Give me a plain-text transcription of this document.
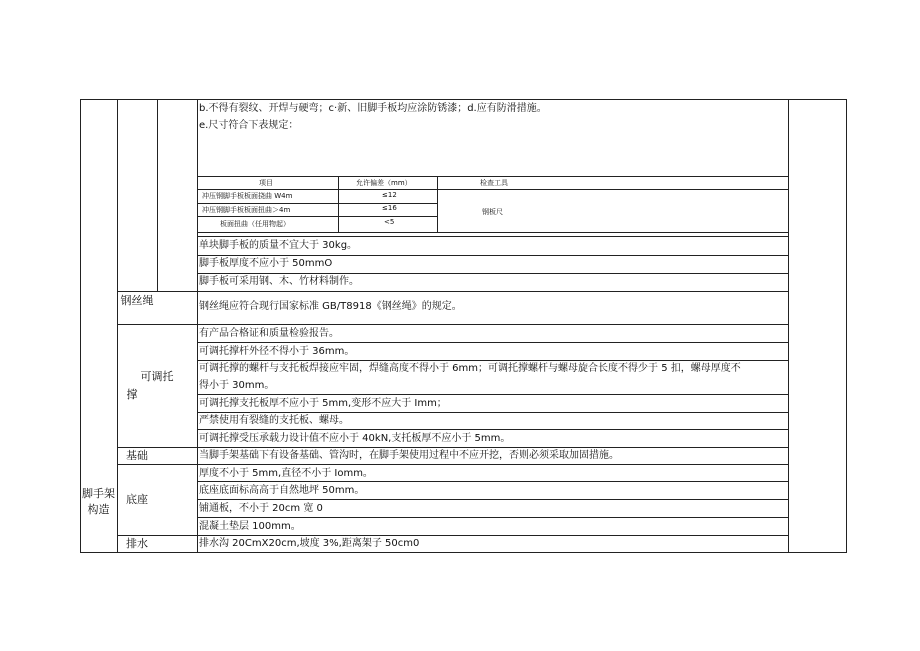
b.不得有裂纹、开焊与硬弯；c·新、旧脚手板均应涂防锈漆；d.应有防滑措施。
e.尺寸符合下表规定：
项目	允许偏差（mm）	检查工具
冲压钢脚手板板面挠曲 W4m	≤12
冲压钢脚手板板面扭曲＞4m	≤16
板面扭曲（任用物起）	<5
钢板尺
单块脚手板的质量不宜大于 30kg。
脚手板厚度不应小于 50mmO
脚手板可采用钢、木、竹材料制作。
钢丝绳	钢丝绳应符合现行国家标准 GB/T8918《钢丝绳》的规定。
可调托
撑
有产品合格证和质量检验报告。
可调托撑杆外径不得小于 36mm。
可调托撑的螺杆与支托板焊接应牢固，焊缝高度不得小于 6mm；可调托撑螺杆与螺母旋合长度不得少于 5 扣，螺母厚度不
得小于 30mm。
可调托撑支托板厚不应小于 5mm,变形不应大于 Imm；
严禁使用有裂缝的支托板、螺母。
可调托撑受压承载力设计值不应小于 40kN,支托板厚不应小于 5mm。
脚手架
构造
基础	当脚手架基础下有设备基础、管沟时，在脚手架使用过程中不应开挖，否则必须采取加固措施。
底座
厚度不小于 5mm,直径不小于 Iomm。
底座底面标高高于自然地坪 50mm。
铺通板，不小于 20cm 宽 0
混凝土垫层 100mm。
排水	排水沟 20CmX20cm,坡度 3%,距离架子 50cm0
